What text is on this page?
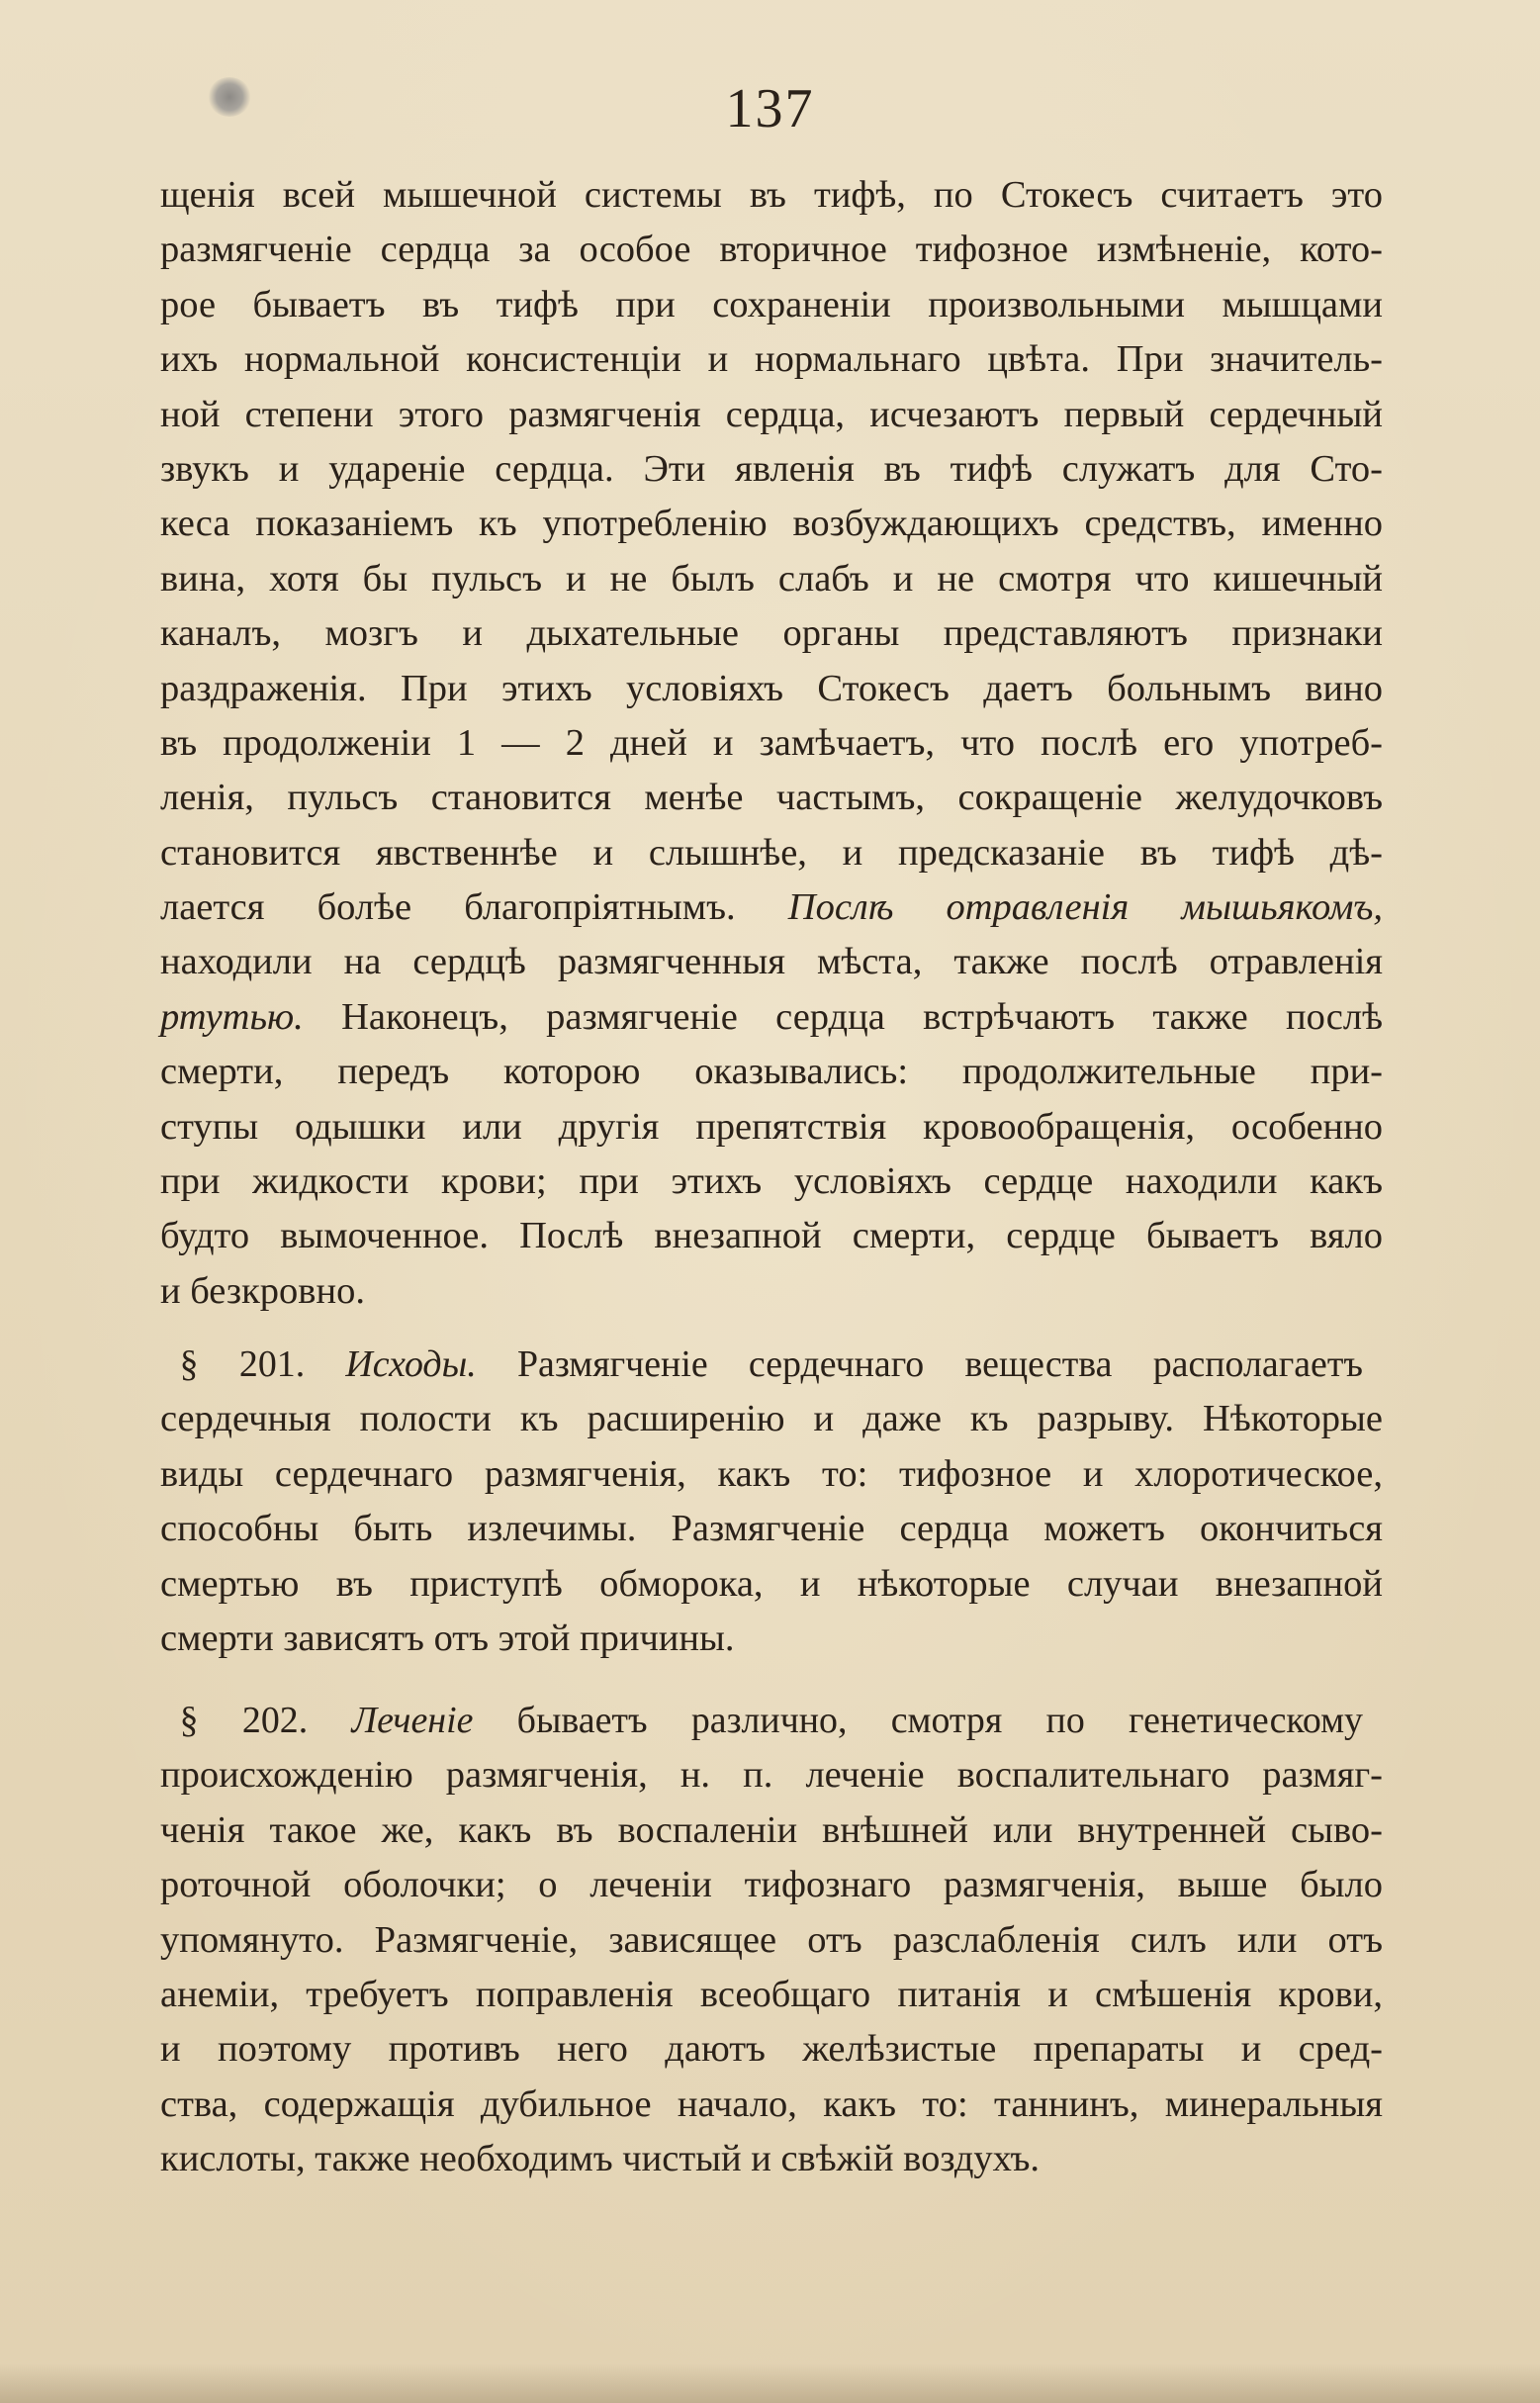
137
щенія всей мышечной системы въ тифѣ, по Стокесъ считаетъ это
размягченіе сердца за особое вторичное тифозное измѣненіе, кото-
рое бываетъ въ тифѣ при сохраненіи произвольными мышцами
ихъ нормальной консистенціи и нормальнаго цвѣта. При значитель-
ной степени этого размягченія сердца, исчезаютъ первый сердечный
звукъ и удареніе сердца. Эти явленія въ тифѣ служатъ для Сто-
кеса показаніемъ къ употребленію возбуждающихъ средствъ, именно
вина, хотя бы пульсъ и не былъ слабъ и не смотря что кишечный
каналъ, мозгъ и дыхательные органы представляютъ признаки
раздраженія. При этихъ условіяхъ Стокесъ даетъ больнымъ вино
въ продолженіи 1 — 2 дней и замѣчаетъ, что послѣ его употреб-
ленія, пульсъ становится менѣе частымъ, сокращеніе желудочковъ
становится явственнѣе и слышнѣе, и предсказаніе въ тифѣ дѣ-
лается болѣе благопріятнымъ. Послѣ отравленія мышьякомъ,
находили на сердцѣ размягченныя мѣста, также послѣ отравленія
ртутью. Наконецъ, размягченіе сердца встрѣчаютъ также послѣ
смерти, передъ которою оказывались: продолжительные при-
ступы одышки или другія препятствія кровообращенія, особенно
при жидкости крови; при этихъ условіяхъ сердце находили какъ
будто вымоченное. Послѣ внезапной смерти, сердце бываетъ вяло
и безкровно.
§ 201. Исходы. Размягченіе сердечнаго вещества располагаетъ
сердечныя полости къ расширенію и даже къ разрыву. Нѣкоторые
виды сердечнаго размягченія, какъ то: тифозное и хлоротическое,
способны быть излечимы. Размягченіе сердца можетъ окончиться
смертью въ приступѣ обморока, и нѣкоторые случаи внезапной
смерти зависятъ отъ этой причины.
§ 202. Леченіе бываетъ различно, смотря по генетическому
происхожденію размягченія, н. п. леченіе воспалительнаго размяг-
ченія такое же, какъ въ воспаленіи внѣшней или внутренней сыво-
роточной оболочки; о леченіи тифознаго размягченія, выше было
упомянуто. Размягченіе, зависящее отъ разслабленія силъ или отъ
анеміи, требуетъ поправленія всеобщаго питанія и смѣшенія крови,
и поэтому противъ него даютъ желѣзистые препараты и сред-
ства, содержащія дубильное начало, какъ то: таннинъ, минеральныя
кислоты, также необходимъ чистый и свѣжій воздухъ.
